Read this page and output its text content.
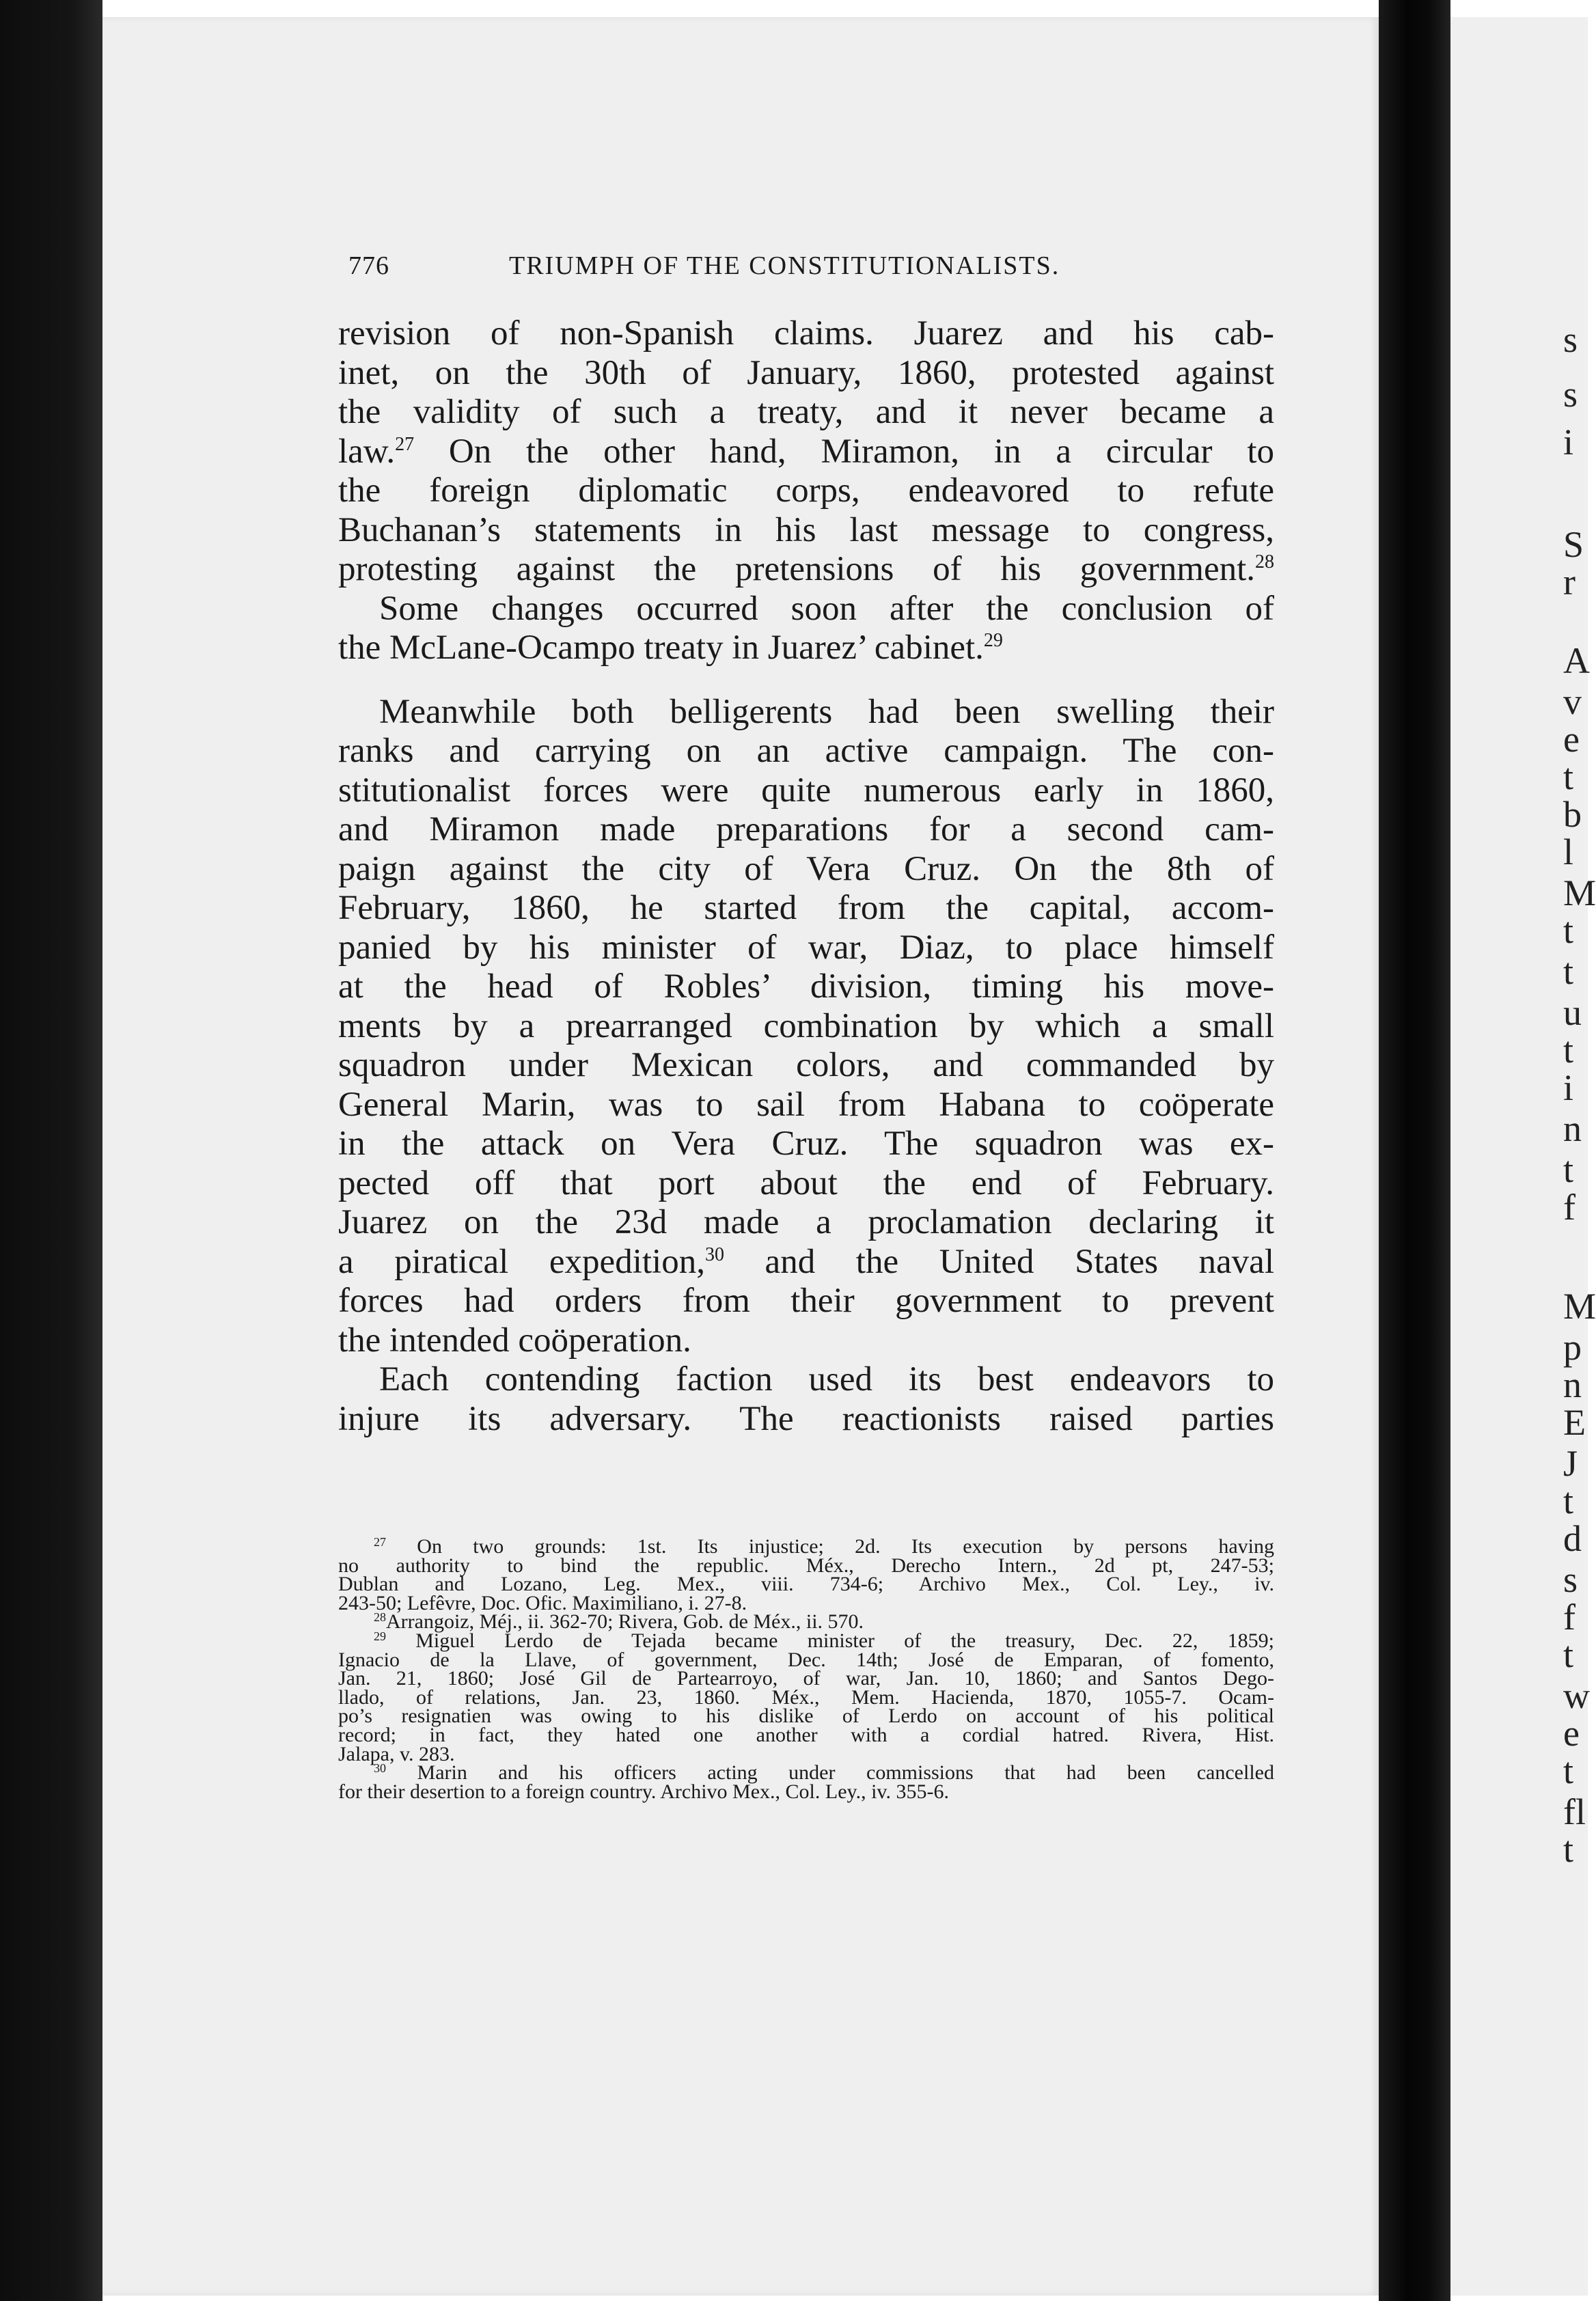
776	TRIUMPH OF THE CONSTITUTIONALISTS.
revision of non-Spanish claims. Juarez and his cab-
inet, on the 30th of January, 1860, protested against
the validity of such a treaty, and it never became a
law.$^{27}$ On the other hand, Miramon, in a circular to
the foreign diplomatic corps, endeavored to refute
Buchanan’s statements in his last message to congress,
protesting against the pretensions of his government.$^{28}$
Some changes occurred soon after the conclusion of
the McLane-Ocampo treaty in Juarez’ cabinet.$^{29}$
Meanwhile both belligerents had been swelling their
ranks and carrying on an active campaign. The con-
stitutionalist forces were quite numerous early in 1860,
and Miramon made preparations for a second cam-
paign against the city of Vera Cruz. On the 8th of
February, 1860, he started from the capital, accom-
panied by his minister of war, Diaz, to place himself
at the head of Robles’ division, timing his move-
ments by a prearranged combination by which a small
squadron under Mexican colors, and commanded by
General Marin, was to sail from Habana to coöperate
in the attack on Vera Cruz. The squadron was ex-
pected off that port about the end of February.
Juarez on the 23d made a proclamation declaring it
a piratical expedition,$^{30}$ and the United States naval
forces had orders from their government to prevent
the intended coöperation.
Each contending faction used its best endeavors to
injure its adversary. The reactionists raised parties
$^{27}$ On two grounds: 1st. Its injustice; 2d. Its execution by persons having
no authority to bind the republic. Méx., Derecho Intern., 2d pt, 247-53;
Dublan and Lozano, Leg. Mex., viii. 734-6; Archivo Mex., Col. Ley., iv.
243-50; Lefêvre, Doc. Ofic. Maximiliano, i. 27-8.
$^{28}$Arrangoiz, Méj., ii. 362-70; Rivera, Gob. de Méx., ii. 570.
$^{29}$ Miguel Lerdo de Tejada became minister of the treasury, Dec. 22, 1859;
Ignacio de la Llave, of government, Dec. 14th; José de Emparan, of fomento,
Jan. 21, 1860; José Gil de Partearroyo, of war, Jan. 10, 1860; and Santos Dego-
llado, of relations, Jan. 23, 1860. Méx., Mem. Hacienda, 1870, 1055-7. Ocam-
po’s resignatien was owing to his dislike of Lerdo on account of his political
record; in fact, they hated one another with a cordial hatred. Rivera, Hist.
Jalapa, v. 283.
$^{30}$ Marin and his officers acting under commissions that had been cancelled
for their desertion to a foreign country. Archivo Mex., Col. Ley., iv. 355-6.
s
s
i
S
r
A
v
e
t
b
l
M
t
t
u
t
i
n
t
f
M
p
n
E
J
t
d
s
f
t
w
e
t
fl
t
